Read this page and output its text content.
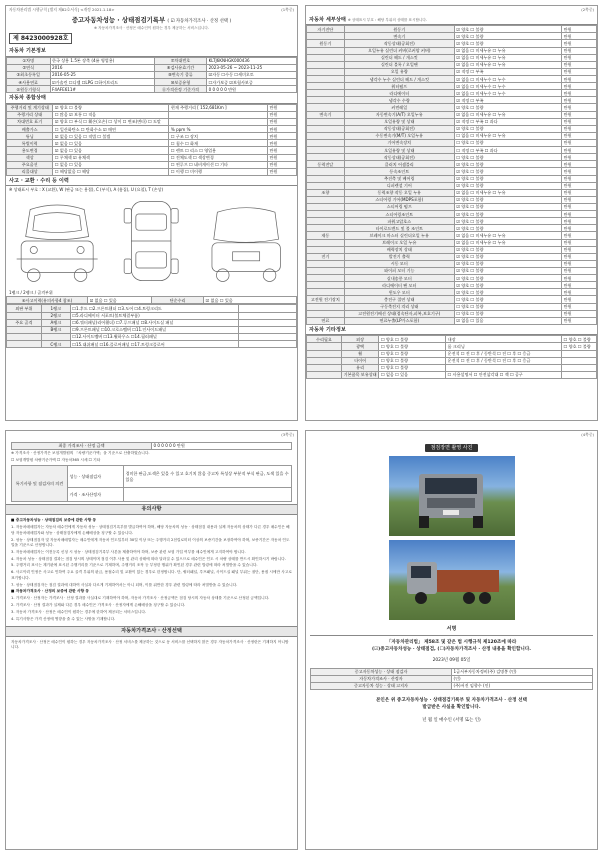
자동차관리법 시행규칙 [별지 제82호서식] <개정 2021.1.18>	(1쪽중)
중고자동차성능 · 상태점검기록부 ( ☑ 자동차가격조사 · 산정 선택 )
※ 자동차가격조사 · 산정은 매수인이 원하는 경우 제공하는 서비스입니다.
제 8423000928호
자동차 기본정보
①차명	한국 상용 1.5톤 장축 (4륜 영업용)	⑦차대번호	KLTJ6KNHGK000436
②연식	2016	⑧검사유효기간	2023-05-26 ~ 2023-11-25
③최초등록일	2016-05-25	⑨변속기 종류	☑자동 ☐수동 ☐세미오토
④사용연료	☑가솔린 ☐디젤 ☐LPG ☐하이브리드	⑩보증유형	☐자가보증 ☑보험사보증
⑤원동기형식	F4AFE611#	⑪가격산정 기준가격	0 0 0 0 0 만원
자동차 종합상태
주행거리 및 계기상태	☑ 양호 ☐ 불량	현재 주행거리 [ 152,681Km ]	만원
주행거리 상태	☐ 많음 ☑ 보통 ☐ 적음		만원
차대번호 표기	☑ 양호 ☐ 부식 ☐ 훼손(오손) ☐ 상이 ☐ 변조(변타) ☐ 도말		만원
배출가스	☐ 일산화탄소 ☐ 탄화수소 ☑ 매연	% ppm %	만원
튜닝	☑ 없음 ☐ 있음 ☐ 적법 ☐ 불법	☐ 구조 ☐ 장치	만원
특별이력	☑ 없음 ☐ 있음	☐ 침수 ☐ 화재	만원
용도변경	☑ 없음 ☐ 있음	☐ 렌트 ☐ 리스 ☐ 영업용	만원
색상	☐ 무채색 ☑ 유채색	☐ 전체도색 ☐ 색상변경	만원
주요옵션	☐ 없음 ☐ 있음	☐ 썬루프 ☐ 네비게이션 ☐ 기타	만원
리콜대상	☐ 해당없음 ☐ 해당	☐ 이행 ☐ 미이행	만원
사고 · 교환 · 수리 등 이력
※ 상태표시 부호 : X (교환), W (판금 또는 용접), C (부식), A (흠집), U (요철), T (손상)
1랭크 / 2랭크 / 골격부위
⑥사고이력(유의사항4 참조)	☑ 없음 ☐ 있음	단순수리	☑ 없음 ☐ 있음
외판 부위	1랭크	☐1.후드 ☐2.프론트휀더 ☐3.도어 ☐4.트렁크리드	
	2랭크	☐5.라디에이터 서포트(볼트체결부품)	
주요 골격	A랭크	☐6.쿼터패널(리어휀더) ☐7.루프패널 ☐8.사이드실 패널	
	B랭크	☐9.프론트패널 ☐10.크로스멤버 ☐11.인사이드패널	
		☐12.사이드멤버 ☐13.휠하우스 ☐14.필러패널	
	C랭크	☐15.대쉬패널 ☐16.플로어패널 ☐17.트렁크플로어	
(2쪽중)
자동차 세부상태 ※ 상태표시 부호 : 해당 부위의 상태를 표시합니다.
자기진단	원동기	☑ 양호 ☐ 불량	만원
	변속기	☑ 양호 ☐ 불량	만원
원동기	작동상태(공회전)	☑ 양호 ☐ 불량	만원
	오일누유 실린더 커버(로커암 커버)	☑ 없음 ☐ 미세누유 ☐ 누유	만원
	실린더 헤드 / 개스킷	☑ 없음 ☐ 미세누유 ☐ 누유	만원
	실린더 블록 / 오일팬	☑ 없음 ☐ 미세누유 ☐ 누유	만원
	오일 유량	☑ 적정 ☐ 부족	만원
	냉각수 누수 실린더 헤드 / 개스킷	☑ 없음 ☐ 미세누수 ☐ 누수	만원
	워터펌프	☑ 없음 ☐ 미세누수 ☐ 누수	만원
	라디에이터	☑ 없음 ☐ 미세누수 ☐ 누수	만원
	냉각수 수량	☑ 적정 ☐ 부족	만원
	커먼레일	☑ 양호 ☐ 불량	만원
변속기	자동변속기(A/T) 오일누유	☑ 없음 ☐ 미세누유 ☐ 누유	만원
	오일유량 및 상태	☑ 적정 ☐ 부족 ☐ 과다	만원
	작동상태(공회전)	☑ 양호 ☐ 불량	만원
	수동변속기(M/T) 오일누유	☐ 없음 ☐ 미세누유 ☐ 누유	만원
	기어변속장치	☐ 양호 ☐ 불량	만원
	오일유량 및 상태	☐ 적정 ☐ 부족 ☐ 과다	만원
	작동상태(공회전)	☐ 양호 ☐ 불량	만원
동력전달	클러치 어셈블리	☑ 양호 ☐ 불량	만원
	등속조인트	☑ 양호 ☐ 불량	만원
	추진축 및 베어링	☑ 양호 ☐ 불량	만원
	디퍼렌셜 기어	☑ 양호 ☐ 불량	만원
조향	동력조향 작동 오일 누유	☑ 없음 ☐ 미세누유 ☐ 누유	만원
	스티어링 기어(MDPS포함)	☑ 양호 ☐ 불량	만원
	스티어링 펌프	☑ 양호 ☐ 불량	만원
	스티어링조인트	☑ 양호 ☐ 불량	만원
	파워고압호스	☑ 양호 ☐ 불량	만원
	타이로드엔드 및 볼 조인트	☑ 양호 ☐ 불량	만원
제동	브레이크 마스터 실린더오일 누유	☑ 없음 ☐ 미세누유 ☐ 누유	만원
	브레이크 오일 누유	☑ 없음 ☐ 미세누유 ☐ 누유	만원
	배력장치 상태	☑ 양호 ☐ 불량	만원
전기	발전기 출력	☑ 양호 ☐ 불량	만원
	시동 모터	☑ 양호 ☐ 불량	만원
	와이퍼 모터 기능	☑ 양호 ☐ 불량	만원
	실내송풍 모터	☑ 양호 ☐ 불량	만원
	라디에이터 팬 모터	☑ 양호 ☐ 불량	만원
	윈도우 모터	☑ 양호 ☐ 불량	만원
고전원 전기장치	충전구 절연 상태	☐ 양호 ☐ 불량	만원
	구동축전지 격리 상태	☐ 양호 ☐ 불량	만원
	고전원전기배선 상태(접속단자,피복,보호기구)	☐ 양호 ☐ 불량	만원
연료	연료누출(LP가스포함)	☑ 없음 ☐ 있음	만원
자동차 기타정보
수리필요	외장	☐ 양호 ☐ 불량	내장	☐ 양호 ☐ 불량
	광택	☐ 양호 ☐ 불량	룸 크리닝	☐ 양호 ☐ 불량
	휠	☐ 양호 ☐ 불량	운전석 ☐ 전 ☐ 후 / 동반석 ☐ 전 ☐ 후 ☐ 응급	
	타이어	☐ 양호 ☐ 불량	운전석 ☐ 전 ☐ 후 / 동반석 ☐ 전 ☐ 후 ☐ 응급	
	유리	☐ 양호 ☐ 불량		
	기본품목 보유상태	☐ 없음 ☐ 있음	☐ 사용설명서 ☐ 안전삼각대 ☐ 잭 ☐ 공구	
(3쪽중)
최종 가격조사 · 산정 금액	0 0 0 0 0 0 만원
※ 가격조사 · 산정가격은 보험개발원의 「차량기준가액」을 기준으로 산출하였습니다.
☐ 보험개발원 차량기준가액 ☐ 자동차365 시세 ☐ 기타
특기사항 및 점검자의 의견	성능 · 상태점검자	경미한 판금,도색은 있을 수 있고 호기치 않음 중고차 특성상 부분적 부식 판금, 도색 있을 수 있음
	가격 · 조사산정자	
유의사항
■ 중고자동차성능 · 상태점검의 보증에 관한 사항 등
1. 자동차매매업자는 자동차 매수인에게 자동차 성능 · 상태점검기록부를 발급하여야 하며, 해당 자동차의 성능 · 상태점검 내용과 실제 자동차의 상태가 다른 경우 매수인은 해당 자동차매매업자와 성능 · 상태점검자에게 손해배상을 청구할 수 있습니다.
2. 성능 · 상태점검자 및 자동차매매업자는 매수인에게 자동차 인도일부터 30일 이상 또는 주행거리 2천킬로미터 이상의 보증기간을 보장하여야 하며, 보증기간은 자동차 인도일을 기준으로 산정합니다.
3. 자동차매매업자는 이전등록 신청 시 성능 · 상태점검기록부 사본을 제출하여야 하며, 보증 관련 보험 가입 여부를 매수인에게 고지하여야 합니다.
4. 자동차 성능 · 상태점검 결과는 점검 당시의 상태이며 점검 이후 사용 및 관리 상태에 따라 달라질 수 있으므로 매수인은 인도 시 차량 상태를 반드시 확인하시기 바랍니다.
5. 주행거리 표시는 계기판에 표시된 주행거리를 기준으로 기재하며, 주행거리 조작 등 부정한 행위가 확인된 경우 관련 법령에 따라 처벌받을 수 있습니다.
6. 사고이력 인정은 사고로 인하여 주요 골격 부위의 판금, 용접수리 및 교환이 있는 경우로 한정합니다. 단, 쿼터패널, 루프패널, 사이드실 패널 부위는 절단, 용접 시에만 사고로 표기합니다.
7. 성능 · 상태점검자는 점검 결과에 대하여 사실과 다르게 기재하여서는 아니 되며, 이를 위반한 경우 관련 법령에 따라 처벌받을 수 있습니다.
■ 자동차가격조사 · 산정의 보증에 관한 사항 등
1. 가격조사 · 산정자는 가격조사 · 산정 결과를 사실대로 기재하여야 하며, 자동차 가격조사 · 산정금액은 점검 당시의 자동차 상태를 기준으로 산정된 금액입니다.
2. 가격조사 · 산정 결과가 실제와 다른 경우 매수인은 가격조사 · 산정자에게 손해배상을 청구할 수 있습니다.
3. 자동차 가격조사 · 산정은 매수인이 원하는 경우에 한하여 제공되는 서비스입니다.
4. 특기사항은 가격 산정에 영향을 줄 수 있는 사항을 기재합니다.
자동차가격조사 · 산정선택
자동차가격조사 · 산정은 매수인이 원하는 경우 자동차가격조사 · 산정 서비스를 제공하는 것으로 동 서비스를 선택하지 않은 경우 자동차가격조사 · 산정란은 기재하지 아니합니다.
(4쪽중)
점검장면 촬영 사진
서명
「자동차관리법」 제58조 및 같은 법 시행규칙 제120조에 따라
(☑)중고자동차성능 · 상태점검, (☐)자동차가격조사 · 산정 내용을 확인합니다.
2023년 09월 05일
중고자동차성능 · 상태 점검자	1급서부자동차정비(주) 김명봉 (인)
자동차가격조사 · 산정자	(인)
중고자동차 성능 · 상태 고지자	(주)서진 임향수 (인)
본인은 위 중고자동차성능 · 상태점검기록부 및 자동차가격조사 · 산정 선택
발급받은 사실을 확인합니다.
년 월 일 매수인 (서명 또는 인)
